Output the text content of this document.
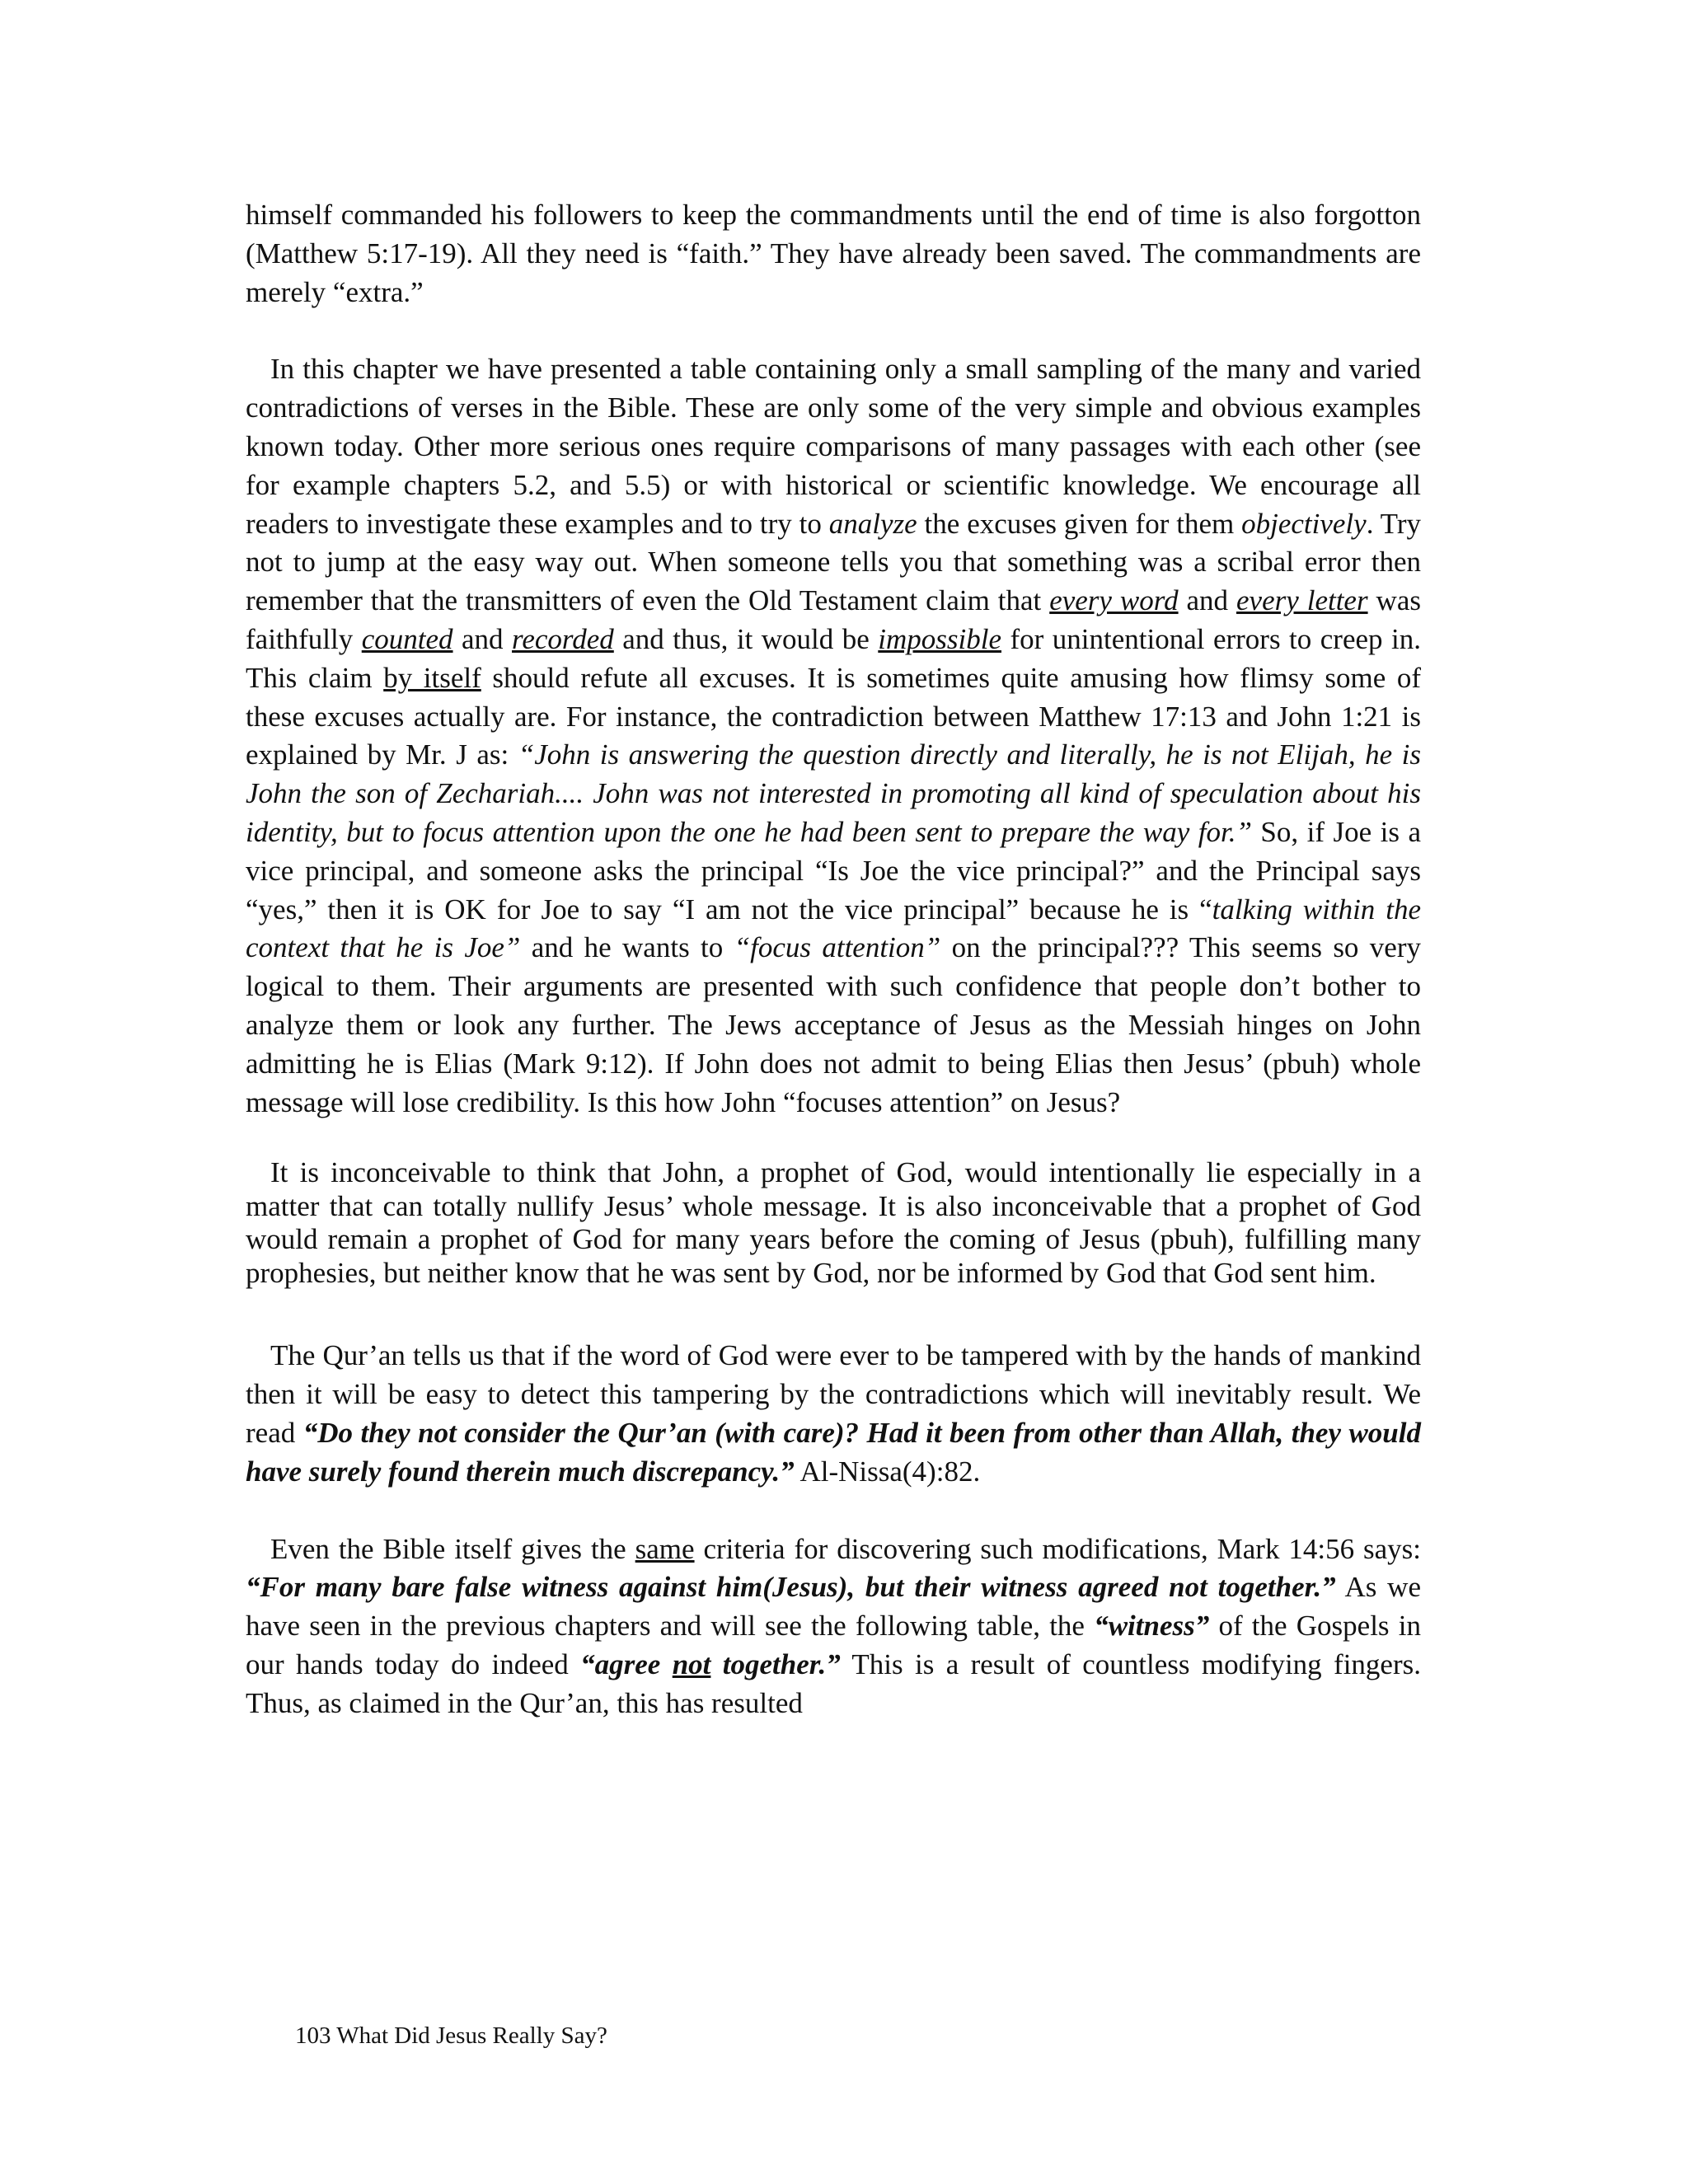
himself commanded his followers to keep the commandments until the end of time is also forgotton (Matthew 5:17-19). All they need is “faith.” They have already been saved. The commandments are merely “extra.”

In this chapter we have presented a table containing only a small sampling of the many and varied contradictions of verses in the Bible. These are only some of the very simple and obvious examples known today. Other more serious ones require comparisons of many passages with each other (see for example chapters 5.2, and 5.5) or with historical or scientific knowledge. We encourage all readers to investigate these examples and to try to analyze the excuses given for them objectively. Try not to jump at the easy way out. When someone tells you that something was a scribal error then remember that the transmitters of even the Old Testament claim that every word and every letter was faithfully counted and recorded and thus, it would be impossible for unintentional errors to creep in. This claim by itself should refute all excuses. It is sometimes quite amusing how flimsy some of these excuses actually are. For instance, the contradiction between Matthew 17:13 and John 1:21 is explained by Mr. J as: “John is answering the question directly and literally, he is not Elijah, he is John the son of Zechariah.... John was not interested in promoting all kind of speculation about his identity, but to focus attention upon the one he had been sent to prepare the way for.” So, if Joe is a vice principal, and someone asks the principal “Is Joe the vice principal?” and the Principal says “yes,” then it is OK for Joe to say “I am not the vice principal” because he is “talking within the context that he is Joe” and he wants to “focus attention” on the principal??? This seems so very logical to them. Their arguments are presented with such confidence that people don’t bother to analyze them or look any further. The Jews acceptance of Jesus as the Messiah hinges on John admitting he is Elias (Mark 9:12). If John does not admit to being Elias then Jesus’ (pbuh) whole message will lose credibility. Is this how John “focuses attention” on Jesus?

It is inconceivable to think that John, a prophet of God, would intentionally lie especially in a matter that can totally nullify Jesus’ whole message. It is also inconceivable that a prophet of God would remain a prophet of God for many years before the coming of Jesus (pbuh), fulfilling many prophesies, but neither know that he was sent by God, nor be informed by God that God sent him.

The Qur’an tells us that if the word of God were ever to be tampered with by the hands of mankind then it will be easy to detect this tampering by the contradictions which will inevitably result. We read “Do they not consider the Qur’an (with care)? Had it been from other than Allah, they would have surely found therein much discrepancy.” Al-Nissa(4):82.

Even the Bible itself gives the same criteria for discovering such modifications, Mark 14:56 says: “For many bare false witness against him(Jesus), but their witness agreed not together.” As we have seen in the previous chapters and will see the following table, the “witness” of the Gospels in our hands today do indeed “agree not together.” This is a result of countless modifying fingers. Thus, as claimed in the Qur’an, this has resulted

103 What Did Jesus Really Say?
